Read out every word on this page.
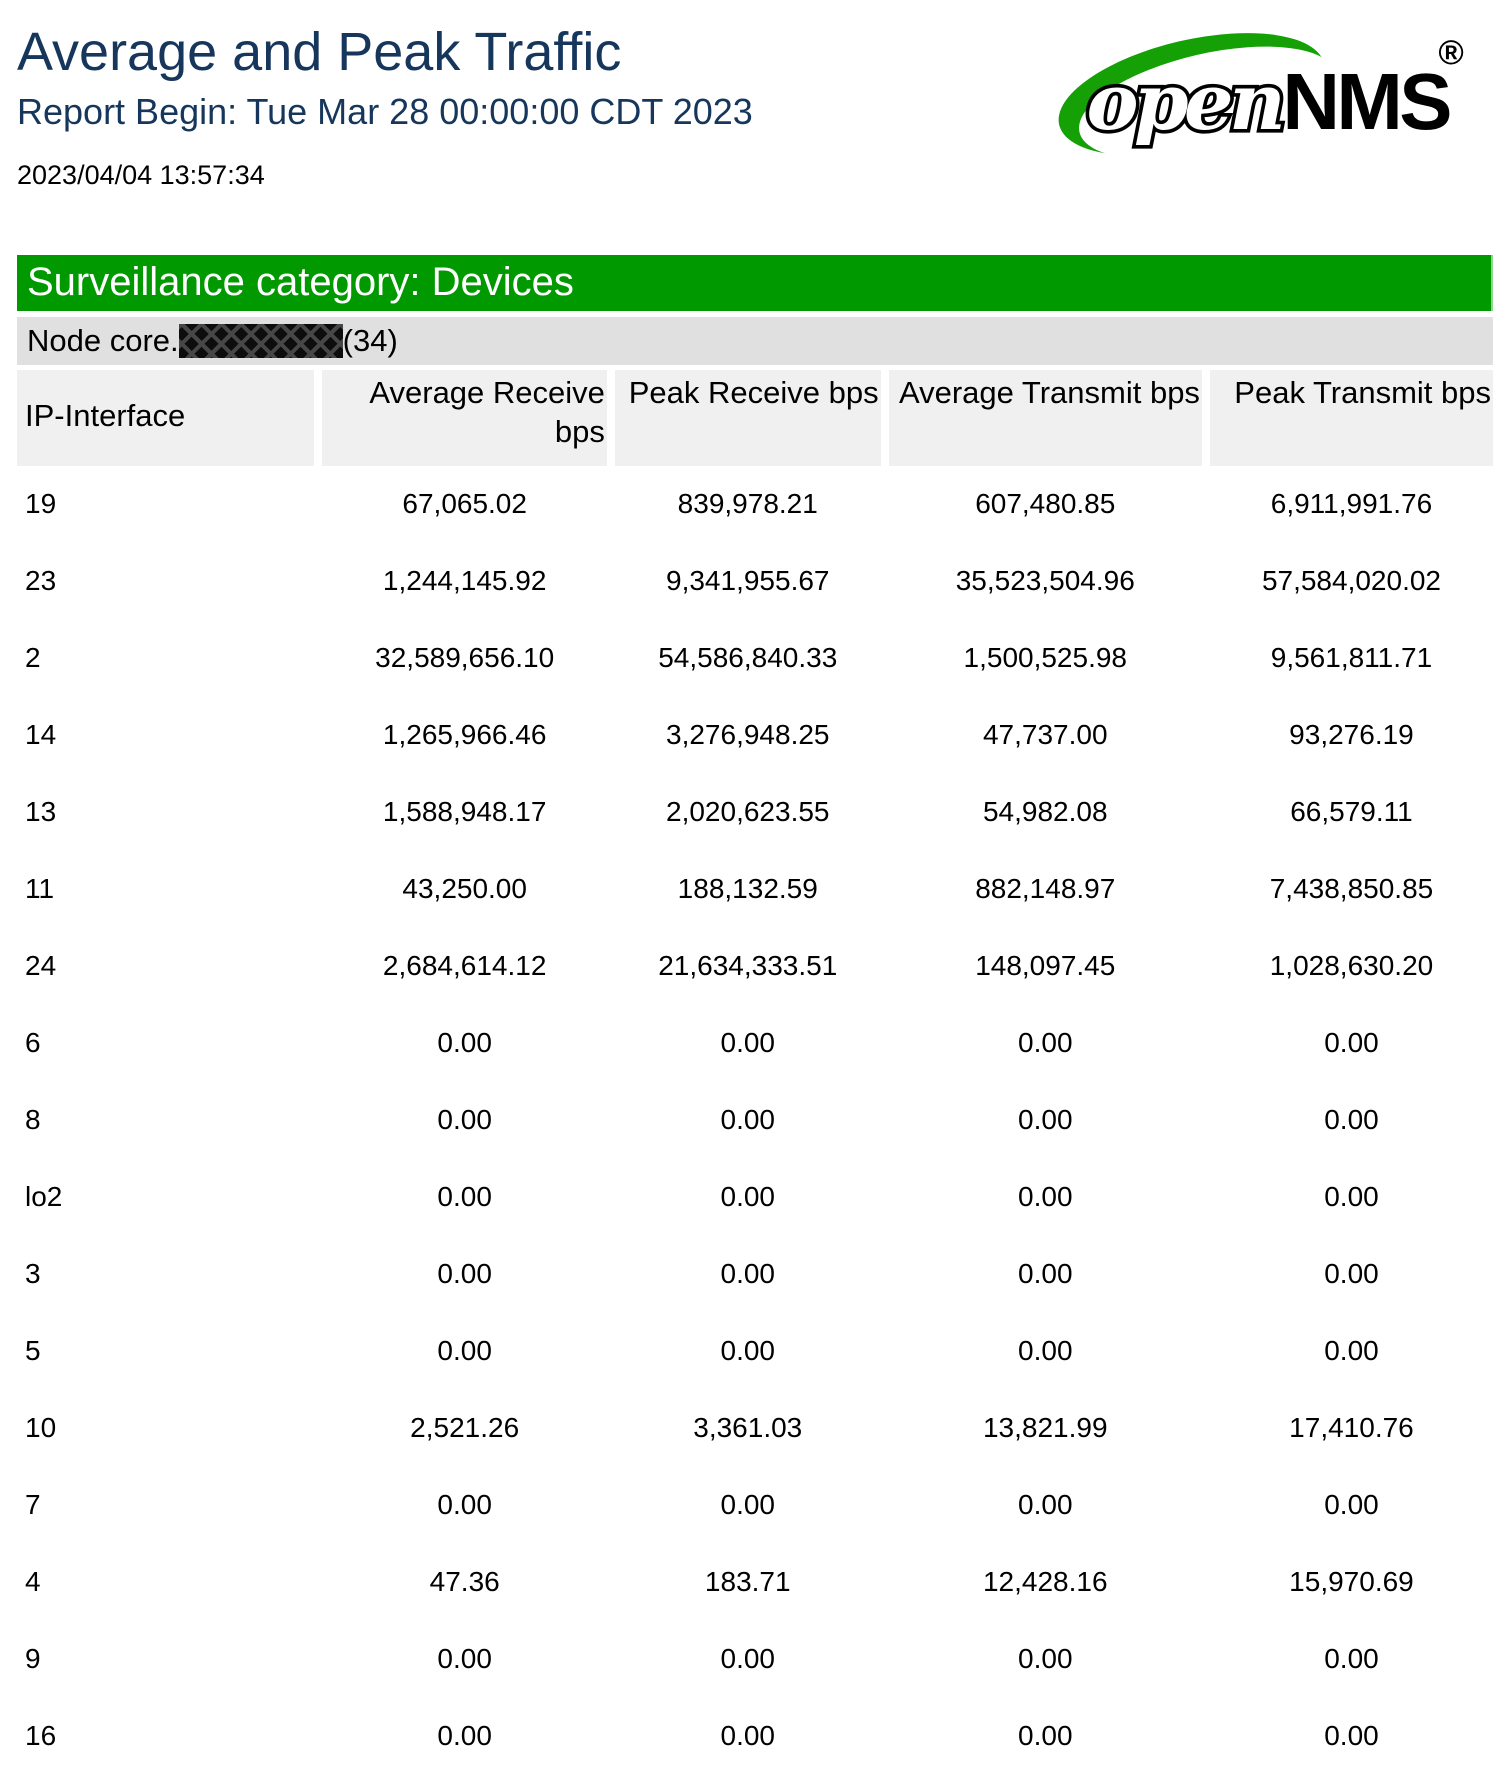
Average and Peak Traffic
Report Begin: Tue Mar 28 00:00:00 CDT 2023
2023/04/04 13:57:34
open NMS
®
Surveillance category: Devices
Node core.	(34)
IP-Interface	Average Receive bps	Peak Receive bps	Average Transmit bps	Peak Transmit bps
19	67,065.02	839,978.21	607,480.85	6,911,991.76
23	1,244,145.92	9,341,955.67	35,523,504.96	57,584,020.02
2	32,589,656.10	54,586,840.33	1,500,525.98	9,561,811.71
14	1,265,966.46	3,276,948.25	47,737.00	93,276.19
13	1,588,948.17	2,020,623.55	54,982.08	66,579.11
11	43,250.00	188,132.59	882,148.97	7,438,850.85
24	2,684,614.12	21,634,333.51	148,097.45	1,028,630.20
6	0.00	0.00	0.00	0.00
8	0.00	0.00	0.00	0.00
lo2	0.00	0.00	0.00	0.00
3	0.00	0.00	0.00	0.00
5	0.00	0.00	0.00	0.00
10	2,521.26	3,361.03	13,821.99	17,410.76
7	0.00	0.00	0.00	0.00
4	47.36	183.71	12,428.16	15,970.69
9	0.00	0.00	0.00	0.00
16	0.00	0.00	0.00	0.00
